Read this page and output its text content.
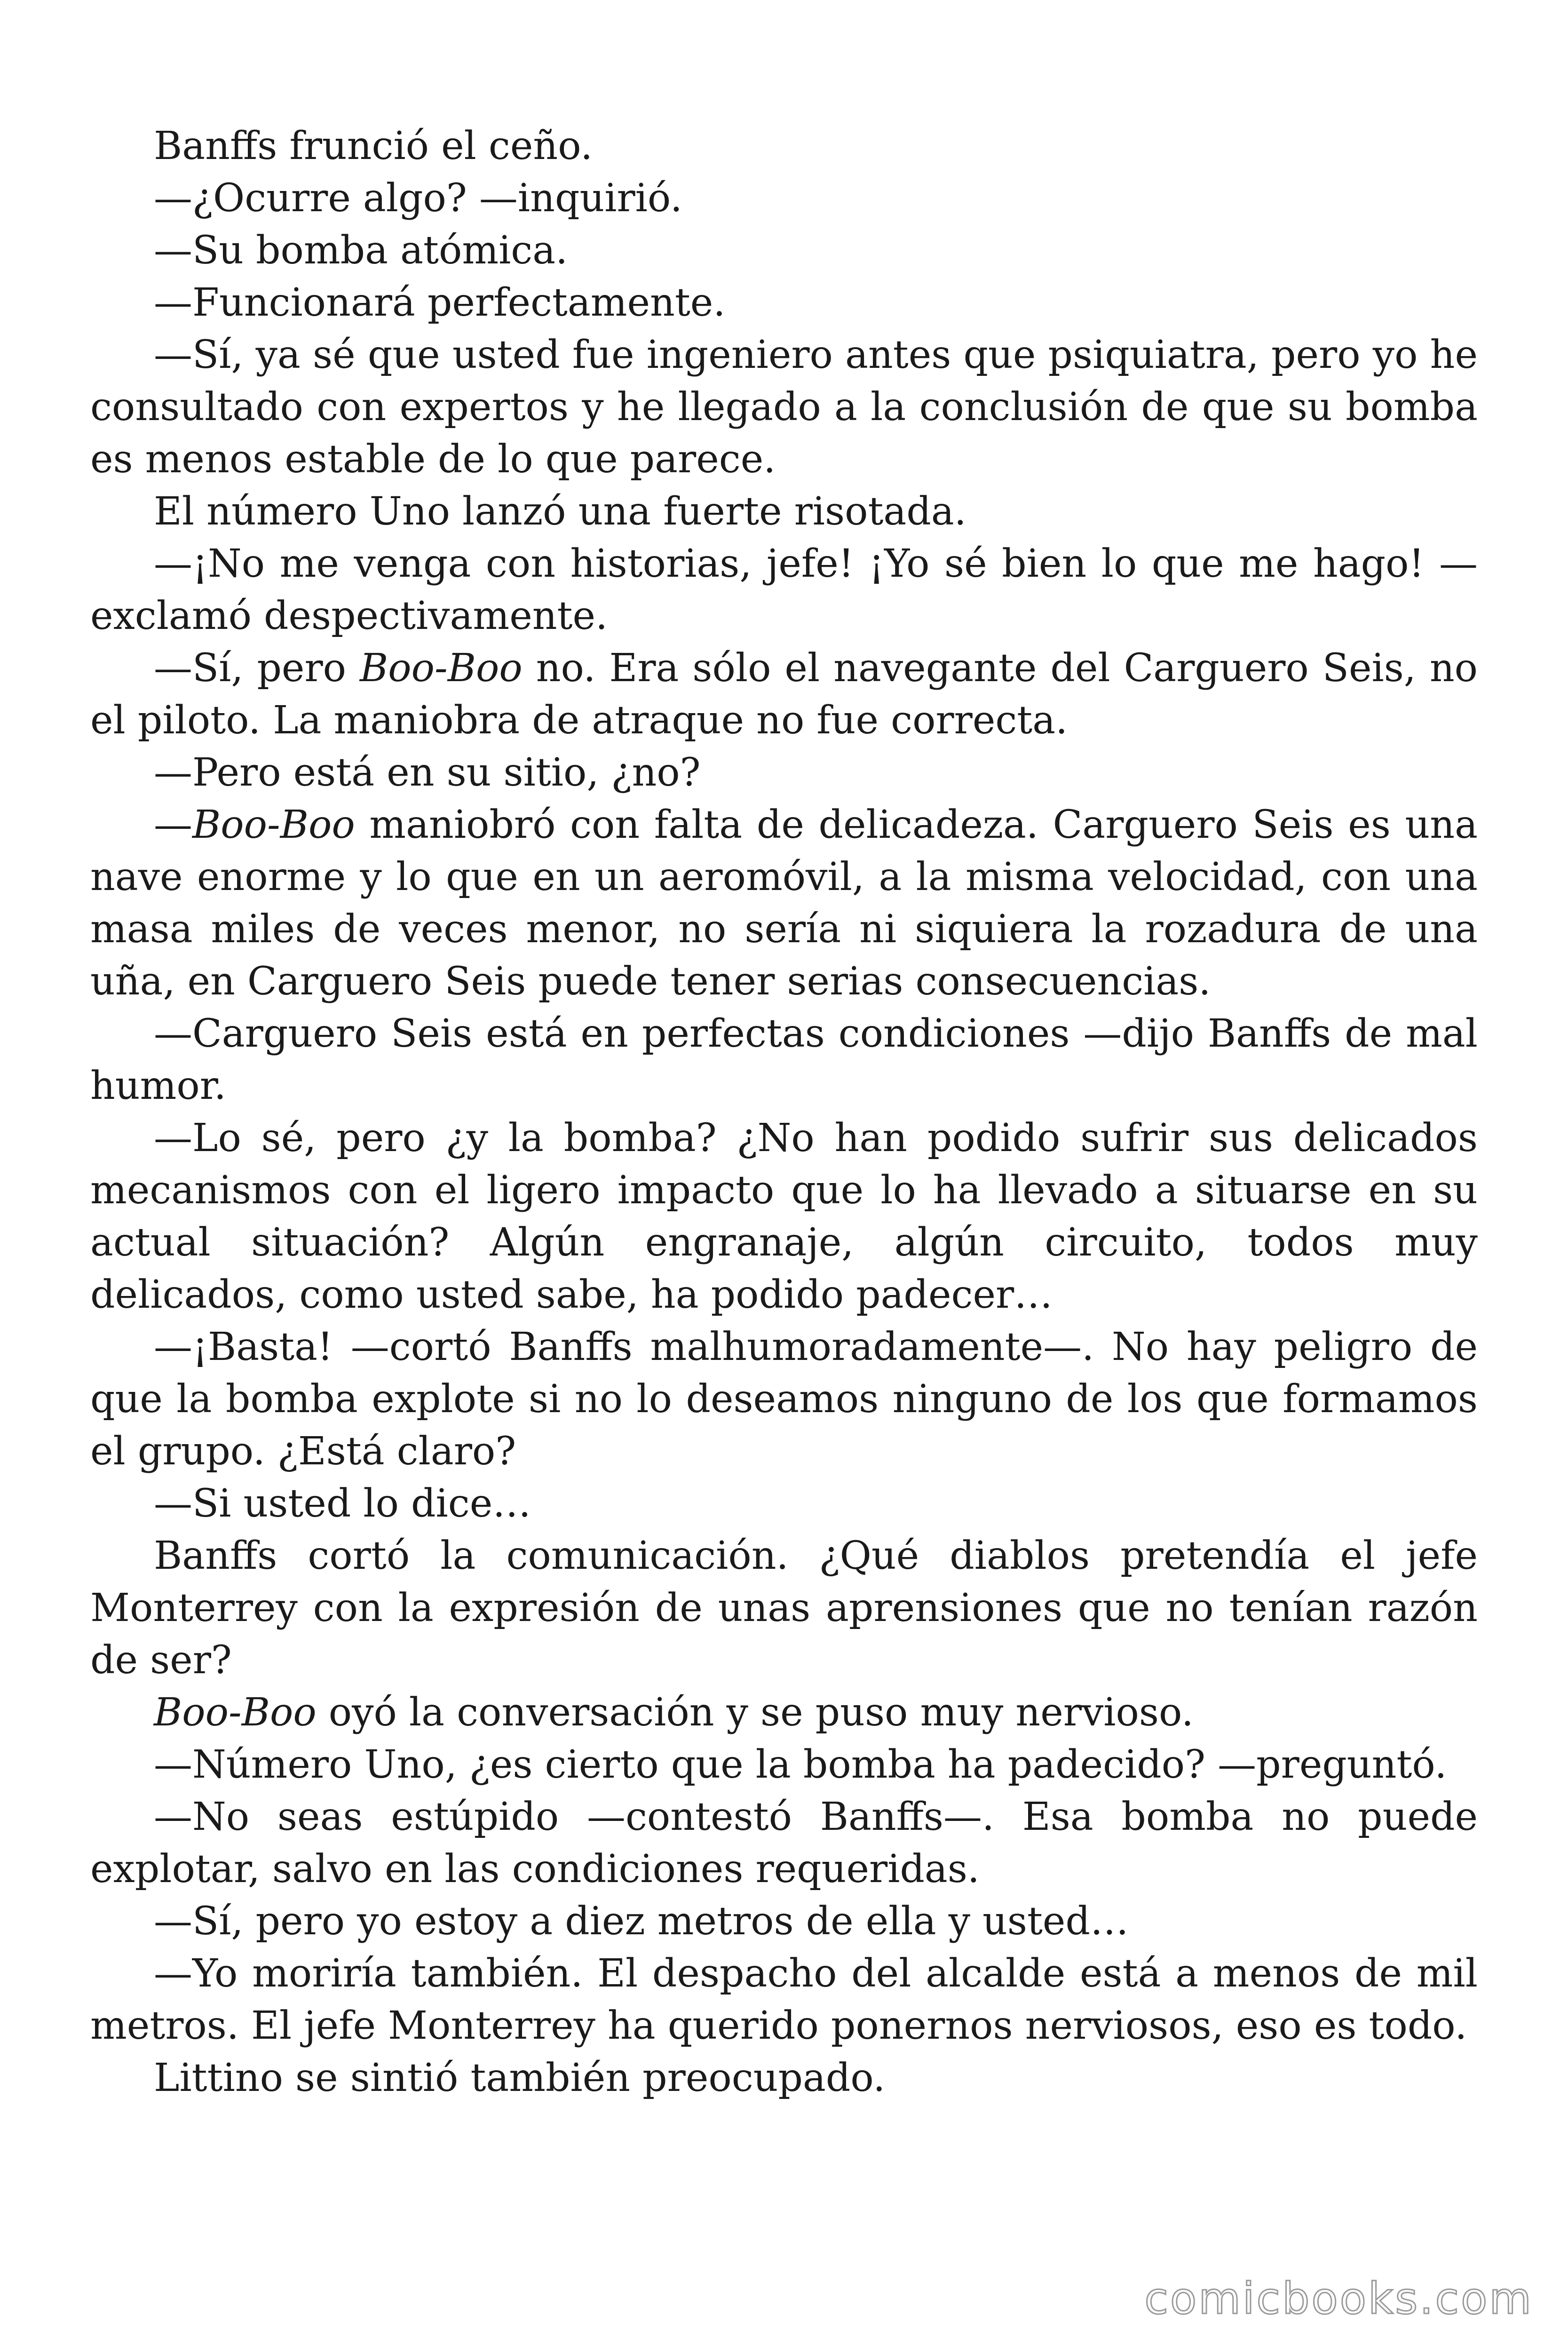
Banffs frunció el ceño.

—¿Ocurre algo? —inquirió.

—Su bomba atómica.

—Funcionará perfectamente.

—Sí, ya sé que usted fue ingeniero antes que psiquiatra, pero yo he consultado con expertos y he llegado a la conclusión de que su bomba es menos estable de lo que parece.

El número Uno lanzó una fuerte risotada.

—¡No me venga con historias, jefe! ¡Yo sé bien lo que me hago! —exclamó despectivamente.

—Sí, pero Boo-Boo no. Era sólo el navegante del Carguero Seis, no el piloto. La maniobra de atraque no fue correcta.

—Pero está en su sitio, ¿no?

—Boo-Boo maniobró con falta de delicadeza. Carguero Seis es una nave enorme y lo que en un aeromóvil, a la misma velocidad, con una masa miles de veces menor, no sería ni siquiera la rozadura de una uña, en Carguero Seis puede tener serias consecuencias.

—Carguero Seis está en perfectas condiciones —dijo Banffs de mal humor.

—Lo sé, pero ¿y la bomba? ¿No han podido sufrir sus delicados mecanismos con el ligero impacto que lo ha llevado a situarse en su actual situación? Algún engranaje, algún circuito, todos muy delicados, como usted sabe, ha podido padecer…

—¡Basta! —cortó Banffs malhumoradamente—. No hay peligro de que la bomba explote si no lo deseamos ninguno de los que formamos el grupo. ¿Está claro?

—Si usted lo dice…

Banffs cortó la comunicación. ¿Qué diablos pretendía el jefe Monterrey con la expresión de unas aprensiones que no tenían razón de ser?

Boo-Boo oyó la conversación y se puso muy nervioso.

—Número Uno, ¿es cierto que la bomba ha padecido? —preguntó.

—No seas estúpido —contestó Banffs—. Esa bomba no puede explotar, salvo en las condiciones requeridas.

—Sí, pero yo estoy a diez metros de ella y usted…

—Yo moriría también. El despacho del alcalde está a menos de mil metros. El jefe Monterrey ha querido ponernos nerviosos, eso es todo.

Littino se sintió también preocupado.

comicbooks.com
